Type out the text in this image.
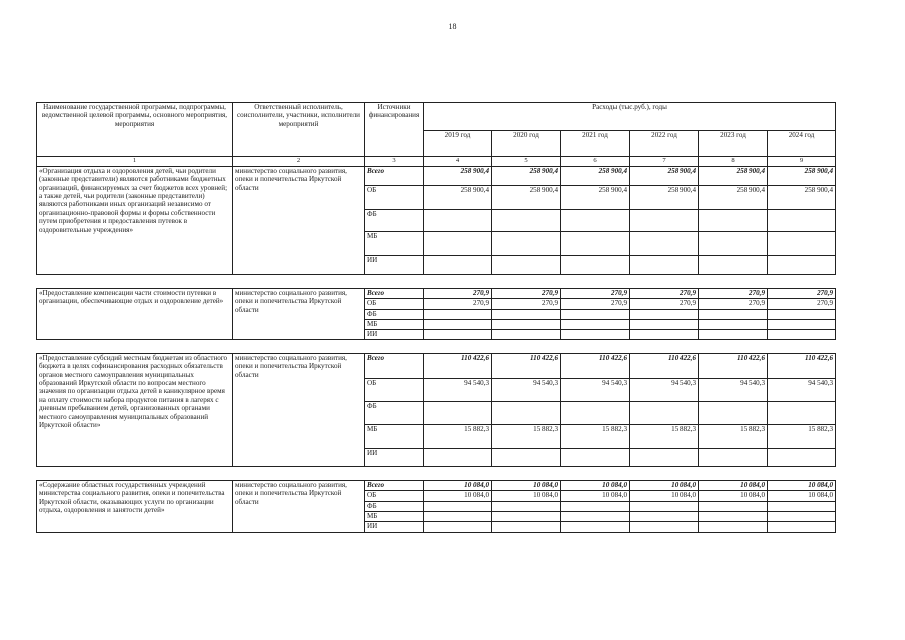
18
Наименование государственной программы, подпрограммы, ведомственной целевой программы, основного мероприятия, мероприятия	Ответственный исполнитель, соисполнители, участники, исполнители мероприятий	Источники финансирования	Расходы (тыс.руб.), годы					
			2019 год	2020 год	2021 год	2022 год	2023 год	2024 год
1	2	3	4	5	6	7	8	9
«Организация отдыха и оздоровления детей, чьи родители (законные представители) являются работниками бюджетных организаций, финансируемых за счет бюджетов всех уровней; а также детей, чьи родители (законные представители) являются работниками иных организаций независимо от организационно-правовой формы и формы собственности путем приобретения и предоставления путевок в оздоровительные учреждения»	министерство социального развития, опеки и попечительства Иркутской области	Всего	258 900,4	258 900,4	258 900,4	258 900,4	258 900,4	258 900,4
		ОБ	258 900,4	258 900,4	258 900,4	258 900,4	258 900,4	258 900,4
		ФБ						
		МБ						
		ИИ						

«Предоставление компенсации части стоимости путевки в организации, обеспечивающие отдых и оздоровление детей»	министерство социального развития, опеки и попечительства Иркутской области	Всего	270,9	270,9	270,9	270,9	270,9	270,9
		ОБ	270,9	270,9	270,9	270,9	270,9	270,9
		ФБ						
		МБ						
		ИИ						

«Предоставление субсидий местным бюджетам из областного бюджета в целях софинансирования расходных обязательств органов местного самоуправления муниципальных образований Иркутской области по вопросам местного значения по организации отдыха детей в каникулярное время на оплату стоимости набора продуктов питания в лагерях с дневным пребыванием детей, организованных органами местного самоуправления муниципальных образований Иркутской области»	министерство социального развития, опеки и попечительства Иркутской области	Всего	110 422,6	110 422,6	110 422,6	110 422,6	110 422,6	110 422,6
		ОБ	94 540,3	94 540,3	94 540,3	94 540,3	94 540,3	94 540,3
		ФБ						
		МБ	15 882,3	15 882,3	15 882,3	15 882,3	15 882,3	15 882,3
		ИИ						

«Содержание областных государственных учреждений министерства социального развития, опеки и попечительства Иркутской области, оказывающих услуги по организации отдыха, оздоровления и занятости детей»	министерство социального развития, опеки и попечительства Иркутской области	Всего	10 084,0	10 084,0	10 084,0	10 084,0	10 084,0	10 084,0
		ОБ	10 084,0	10 084,0	10 084,0	10 084,0	10 084,0	10 084,0
		ФБ						
		МБ						
		ИИ						
